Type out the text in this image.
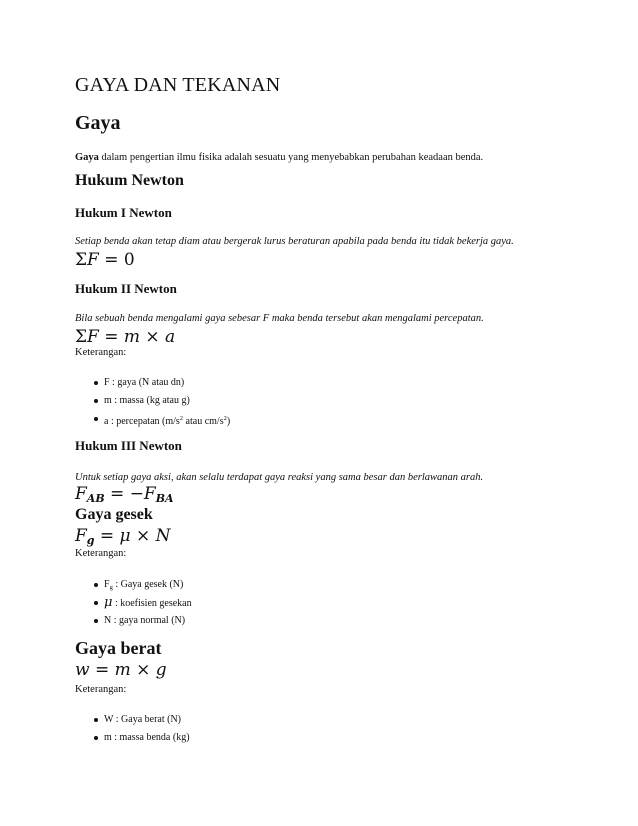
GAYA DAN TEKANAN
Gaya
Gaya dalam pengertian ilmu fisika adalah sesuatu yang menyebabkan perubahan keadaan benda.
Hukum Newton
Hukum I Newton
Setiap benda akan tetap diam atau bergerak lurus beraturan apabila pada benda itu tidak bekerja gaya.
ΣF = 0
Hukum II Newton
Bila sebuah benda mengalami gaya sebesar F maka benda tersebut akan mengalami percepatan.
ΣF = m × a
Keterangan:
F : gaya (N atau dn)
m : massa (kg atau g)
a : percepatan ($m/s^2$ atau $cm/s^2$)
Hukum III Newton
Untuk setiap gaya aksi, akan selalu terdapat gaya reaksi yang sama besar dan berlawanan arah.
$F_{AB} = -F_{BA}$
Gaya gesek
$F_g = \mu \times N$
Keterangan:
$F_g$ : Gaya gesek (N)
μ : koefisien gesekan
N : gaya normal (N)
Gaya berat
w = m × g
Keterangan:
W : Gaya berat (N)
m : massa benda (kg)
